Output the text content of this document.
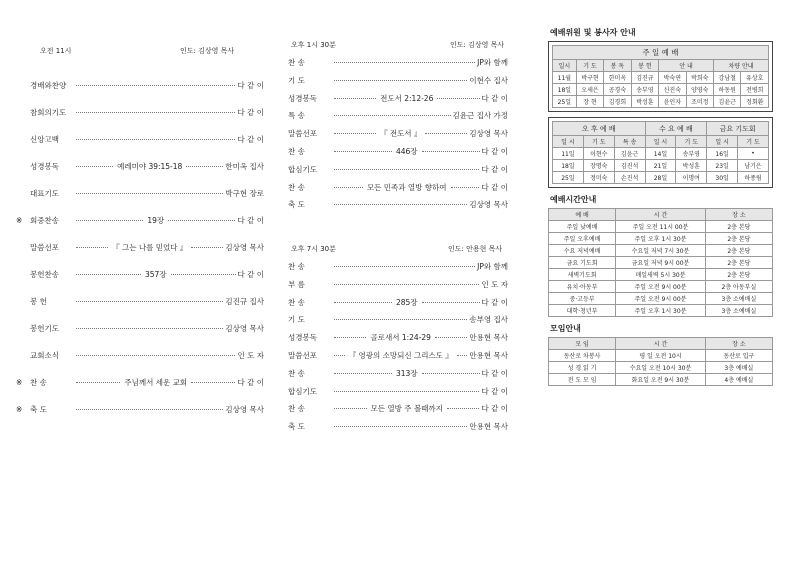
오전 11시	인도: 김상영 목사
경배와찬양	다 같 이
참회의기도	다 같 이
신앙고백	다 같 이
성경봉독	예레미야 39:15-18	한미옥 집사
대표기도	박구현 장로
※	회중찬송	19장	다 같 이
말씀선포	『 그는 나를 믿었다 』	김상영 목사
봉헌찬송	357장	다 같 이
봉 헌	김진규 집사
봉헌기도	김상영 목사
교회소식	인 도 자
※	찬 송	주님께서 세운 교회	다 같 이
※	축 도	김상영 목사
오후 1시 30분	인도: 김상영 목사
찬 송	JP와 함께
기 도	이현수 집사
성경봉독	전도서 2:12-26	다 같 이
특 송	김윤근 집사 가정
말씀선포	『 전도서 』	김상영 목사
찬 송	446장	다 같 이
합심기도	다 같 이
찬 송	모든 민족과 열방 향하여	다 같 이
축 도	김상영 목사
오후 7시 30분	인도: 안용현 목사
찬 송	JP와 함께
부 름	인 도 자
찬 송	285장	다 같 이
기 도	송부영 집사
성경봉독	골로새서 1:24-29	안용현 목사
말씀선포	『 영광의 소망되신 그리스도 』 안용현 목사
찬 송	313장	다 같 이
합심기도	다 같 이
찬 송	모든 열방 주 볼때까지	다 같 이
축 도	안용현 목사
예배위원 및 봉사자 안내
주 일 예 배
일시	기 도	봉 독	봉 헌	안 내		차량 안내	
11월	박구현	한미옥	김진규	박숙연	박희숙	강남철	유상호
18일	오세은	공경숙	송부영	신진숙	양영숙	하동원	전병희
25일	장 현	김경희	박성훈	윤인자	조미정	김윤근	정회환
오 후 예 배			수 요 예 배		금요 기도회	
일 시	기 도	특 송	일 시	기 도	일 시	기 도
11일	이현수	김윤근	14일	송부영	16일	•
18일	장명숙	김진석	21일	박성훈	23일	남기은
25일	정미숙	손진석	28일	이명여	30일	하종림
예배시간안내
예 배	시 간	장 소
주일 낮예배	주일 오전 11시 00분	2층 본당
주일 오후예배	주일 오후 1시 30분	2층 본당
수요 저녁예배	수요일 저녁 7시 30분	2층 본당
금요 기도회	금요일 저녁 9시 00분	2층 본당
새벽기도회	매일새벽 5시 30분	2층 본당
유치·아동부	주일 오전 9시 00분	2층 아동부실
중·고등부	주일 오전 9시 00분	3층 소예배실
대학·청년부	주일 오후 1시 30분	3층 소예배실
모임안내
모 임	시 간	장 소
동산로 차봉사	평 일 오전 10시	동산로 입구
성 경 읽 기	수요일 오전 10시 30분	3층 예배실
전 도 모 임	화요일 오전 9시 30분	4층 예배실
